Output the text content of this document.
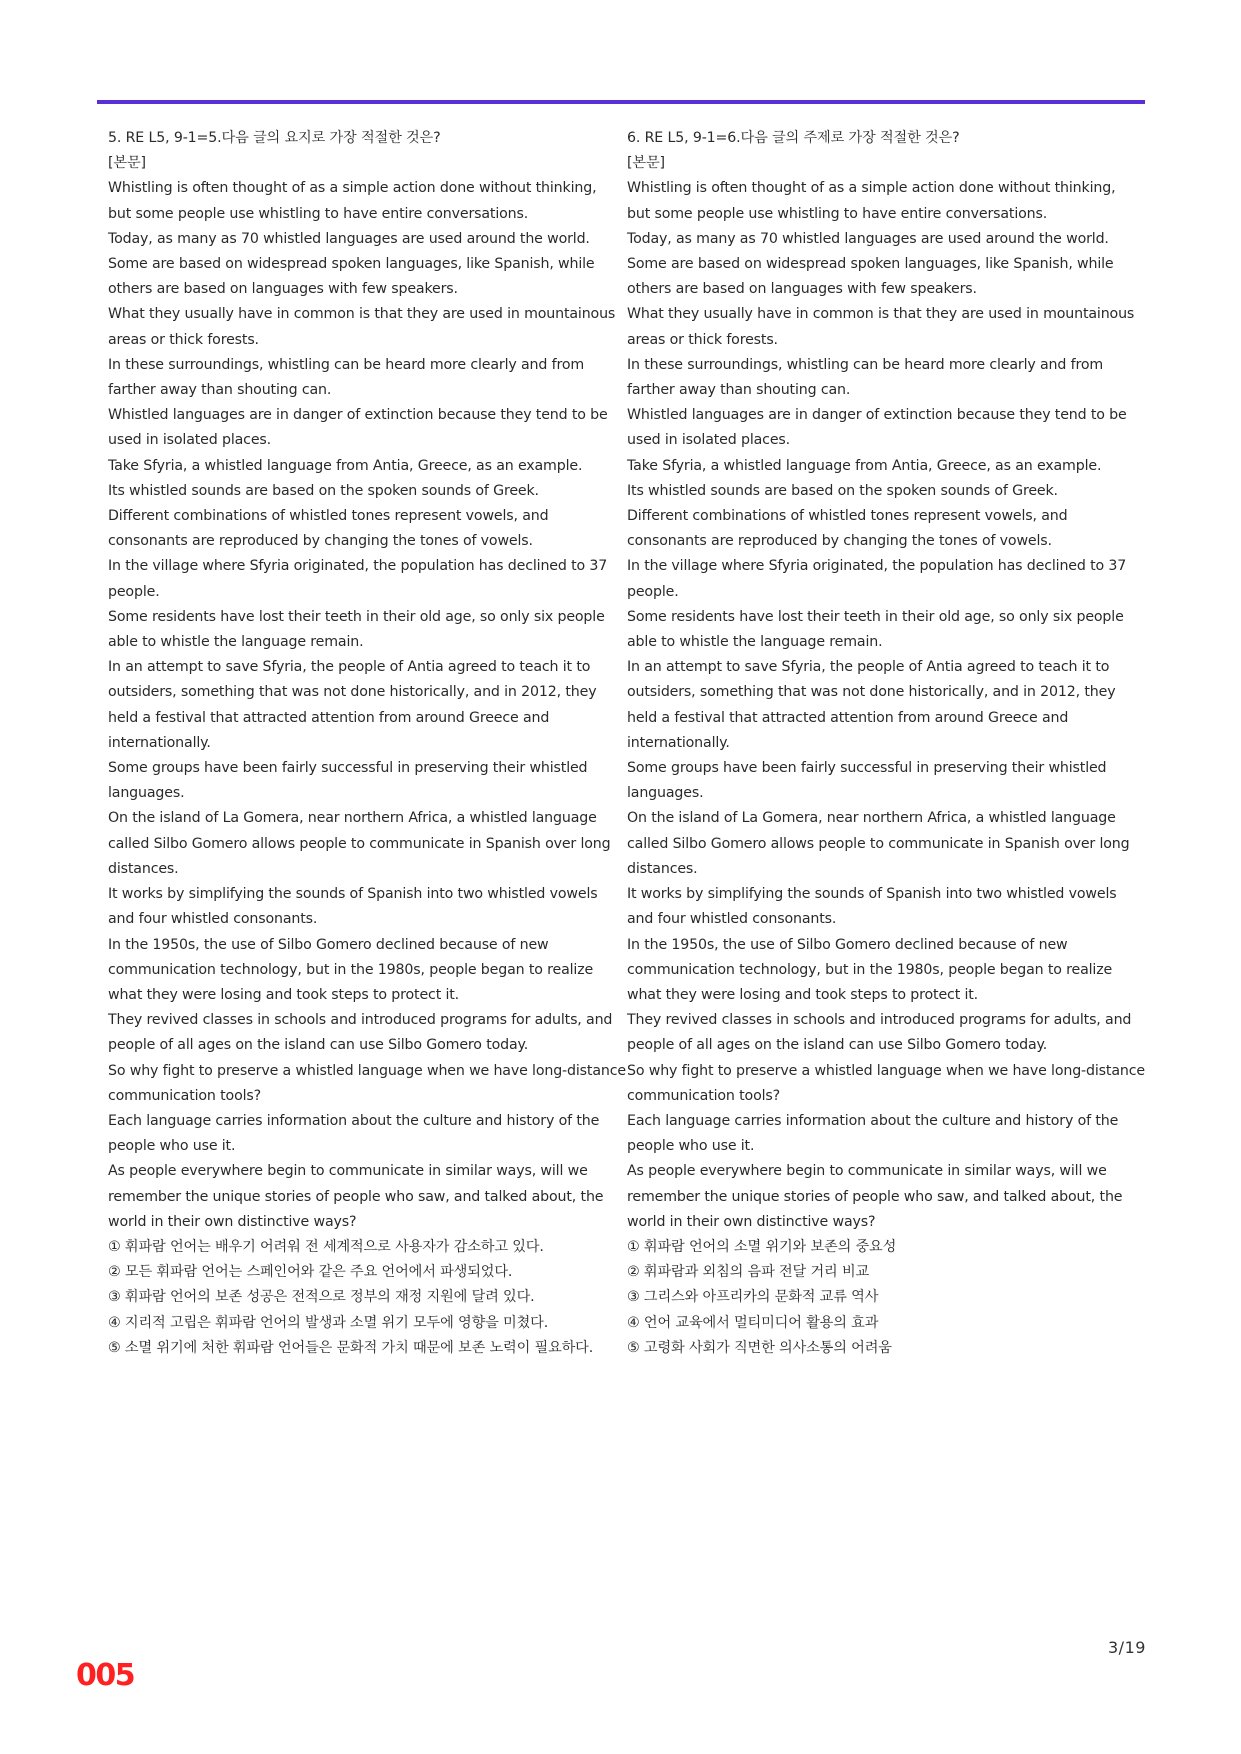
5. RE L5, 9-1=5.다음 글의 요지로 가장 적절한 것은?

[본문]

Whistling is often thought of as a simple action done without thinking,

but some people use whistling to have entire conversations.

Today, as many as 70 whistled languages are used around the world.

Some are based on widespread spoken languages, like Spanish, while

others are based on languages with few speakers.

What they usually have in common is that they are used in mountainous

areas or thick forests.

In these surroundings, whistling can be heard more clearly and from

farther away than shouting can.

Whistled languages are in danger of extinction because they tend to be

used in isolated places.

Take Sfyria, a whistled language from Antia, Greece, as an example.

Its whistled sounds are based on the spoken sounds of Greek.

Different combinations of whistled tones represent vowels, and

consonants are reproduced by changing the tones of vowels.

In the village where Sfyria originated, the population has declined to 37

people.

Some residents have lost their teeth in their old age, so only six people

able to whistle the language remain.

In an attempt to save Sfyria, the people of Antia agreed to teach it to

outsiders, something that was not done historically, and in 2012, they

held a festival that attracted attention from around Greece and

internationally.

Some groups have been fairly successful in preserving their whistled

languages.

On the island of La Gomera, near northern Africa, a whistled language

called Silbo Gomero allows people to communicate in Spanish over long

distances.

It works by simplifying the sounds of Spanish into two whistled vowels

and four whistled consonants.

In the 1950s, the use of Silbo Gomero declined because of new

communication technology, but in the 1980s, people began to realize

what they were losing and took steps to protect it.

They revived classes in schools and introduced programs for adults, and

people of all ages on the island can use Silbo Gomero today.

So why fight to preserve a whistled language when we have long-distance

communication tools?

Each language carries information about the culture and history of the

people who use it.

As people everywhere begin to communicate in similar ways, will we

remember the unique stories of people who saw, and talked about, the

world in their own distinctive ways?

① 휘파람 언어는 배우기 어려워 전 세계적으로 사용자가 감소하고 있다.

② 모든 휘파람 언어는 스페인어와 같은 주요 언어에서 파생되었다.

③ 휘파람 언어의 보존 성공은 전적으로 정부의 재정 지원에 달려 있다.

④ 지리적 고립은 휘파람 언어의 발생과 소멸 위기 모두에 영향을 미쳤다.

⑤ 소멸 위기에 처한 휘파람 언어들은 문화적 가치 때문에 보존 노력이 필요하다.

6. RE L5, 9-1=6.다음 글의 주제로 가장 적절한 것은?

[본문]

Whistling is often thought of as a simple action done without thinking,

but some people use whistling to have entire conversations.

Today, as many as 70 whistled languages are used around the world.

Some are based on widespread spoken languages, like Spanish, while

others are based on languages with few speakers.

What they usually have in common is that they are used in mountainous

areas or thick forests.

In these surroundings, whistling can be heard more clearly and from

farther away than shouting can.

Whistled languages are in danger of extinction because they tend to be

used in isolated places.

Take Sfyria, a whistled language from Antia, Greece, as an example.

Its whistled sounds are based on the spoken sounds of Greek.

Different combinations of whistled tones represent vowels, and

consonants are reproduced by changing the tones of vowels.

In the village where Sfyria originated, the population has declined to 37

people.

Some residents have lost their teeth in their old age, so only six people

able to whistle the language remain.

In an attempt to save Sfyria, the people of Antia agreed to teach it to

outsiders, something that was not done historically, and in 2012, they

held a festival that attracted attention from around Greece and

internationally.

Some groups have been fairly successful in preserving their whistled

languages.

On the island of La Gomera, near northern Africa, a whistled language

called Silbo Gomero allows people to communicate in Spanish over long

distances.

It works by simplifying the sounds of Spanish into two whistled vowels

and four whistled consonants.

In the 1950s, the use of Silbo Gomero declined because of new

communication technology, but in the 1980s, people began to realize

what they were losing and took steps to protect it.

They revived classes in schools and introduced programs for adults, and

people of all ages on the island can use Silbo Gomero today.

So why fight to preserve a whistled language when we have long-distance

communication tools?

Each language carries information about the culture and history of the

people who use it.

As people everywhere begin to communicate in similar ways, will we

remember the unique stories of people who saw, and talked about, the

world in their own distinctive ways?

① 휘파람 언어의 소멸 위기와 보존의 중요성

② 휘파람과 외침의 음파 전달 거리 비교

③ 그리스와 아프리카의 문화적 교류 역사

④ 언어 교육에서 멀티미디어 활용의 효과

⑤ 고령화 사회가 직면한 의사소통의 어려움

3/19
005
